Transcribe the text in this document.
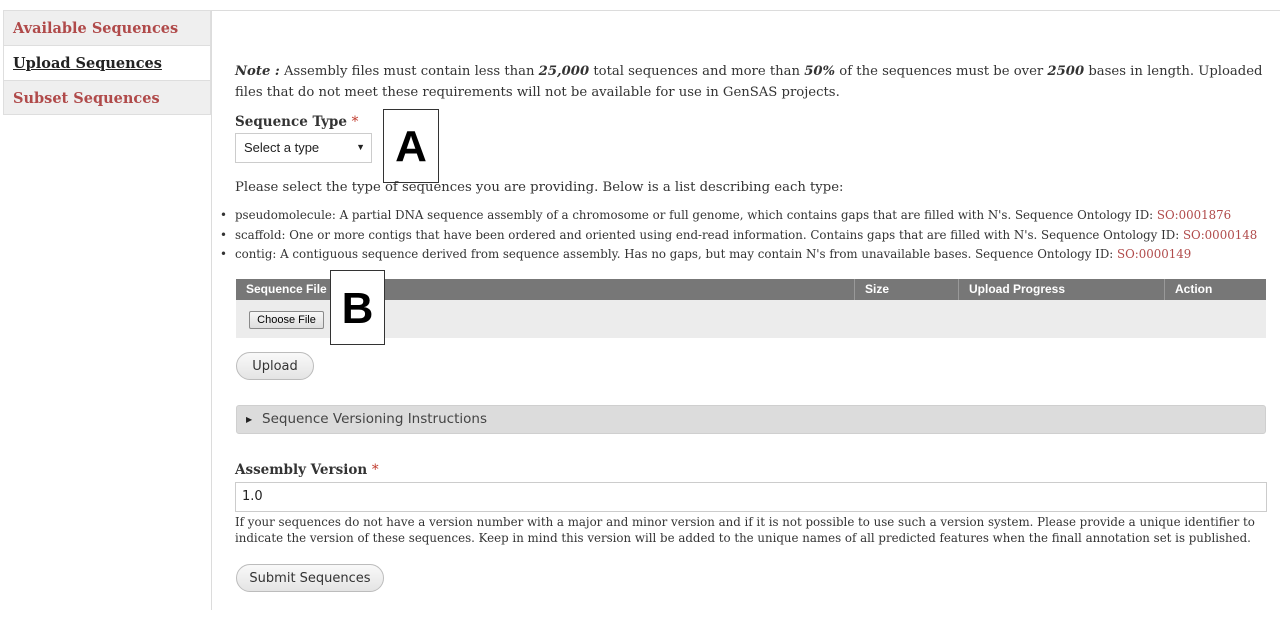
Available Sequences
Upload Sequences
Subset Sequences
Note : Assembly files must contain less than 25,000 total sequences and more than 50% of the sequences must be over 2500 bases in length. Uploaded files that do not meet these requirements will not be available for use in GenSAS projects.
Sequence Type *
Select a type	▼ A
Please select the type of sequences you are providing. Below is a list describing each type:
• pseudomolecule: A partial DNA sequence assembly of a chromosome or full genome, which contains gaps that are filled with N's. Sequence Ontology ID: SO:0001876
• scaffold: One or more contigs that have been ordered and oriented using end-read information. Contains gaps that are filled with N's. Sequence Ontology ID: SO:0000148
• contig: A contiguous sequence derived from sequence assembly. Has no gaps, but may contain N's from unavailable bases. Sequence Ontology ID: SO:0000149
Sequence File	Size	Upload Progress	Action
Choose File B
Upload
▶ Sequence Versioning Instructions
Assembly Version *
1.0
If your sequences do not have a version number with a major and minor version and if it is not possible to use such a version system. Please provide a unique identifier to indicate the version of these sequences. Keep in mind this version will be added to the unique names of all predicted features when the finall annotation set is published.
Submit Sequences
